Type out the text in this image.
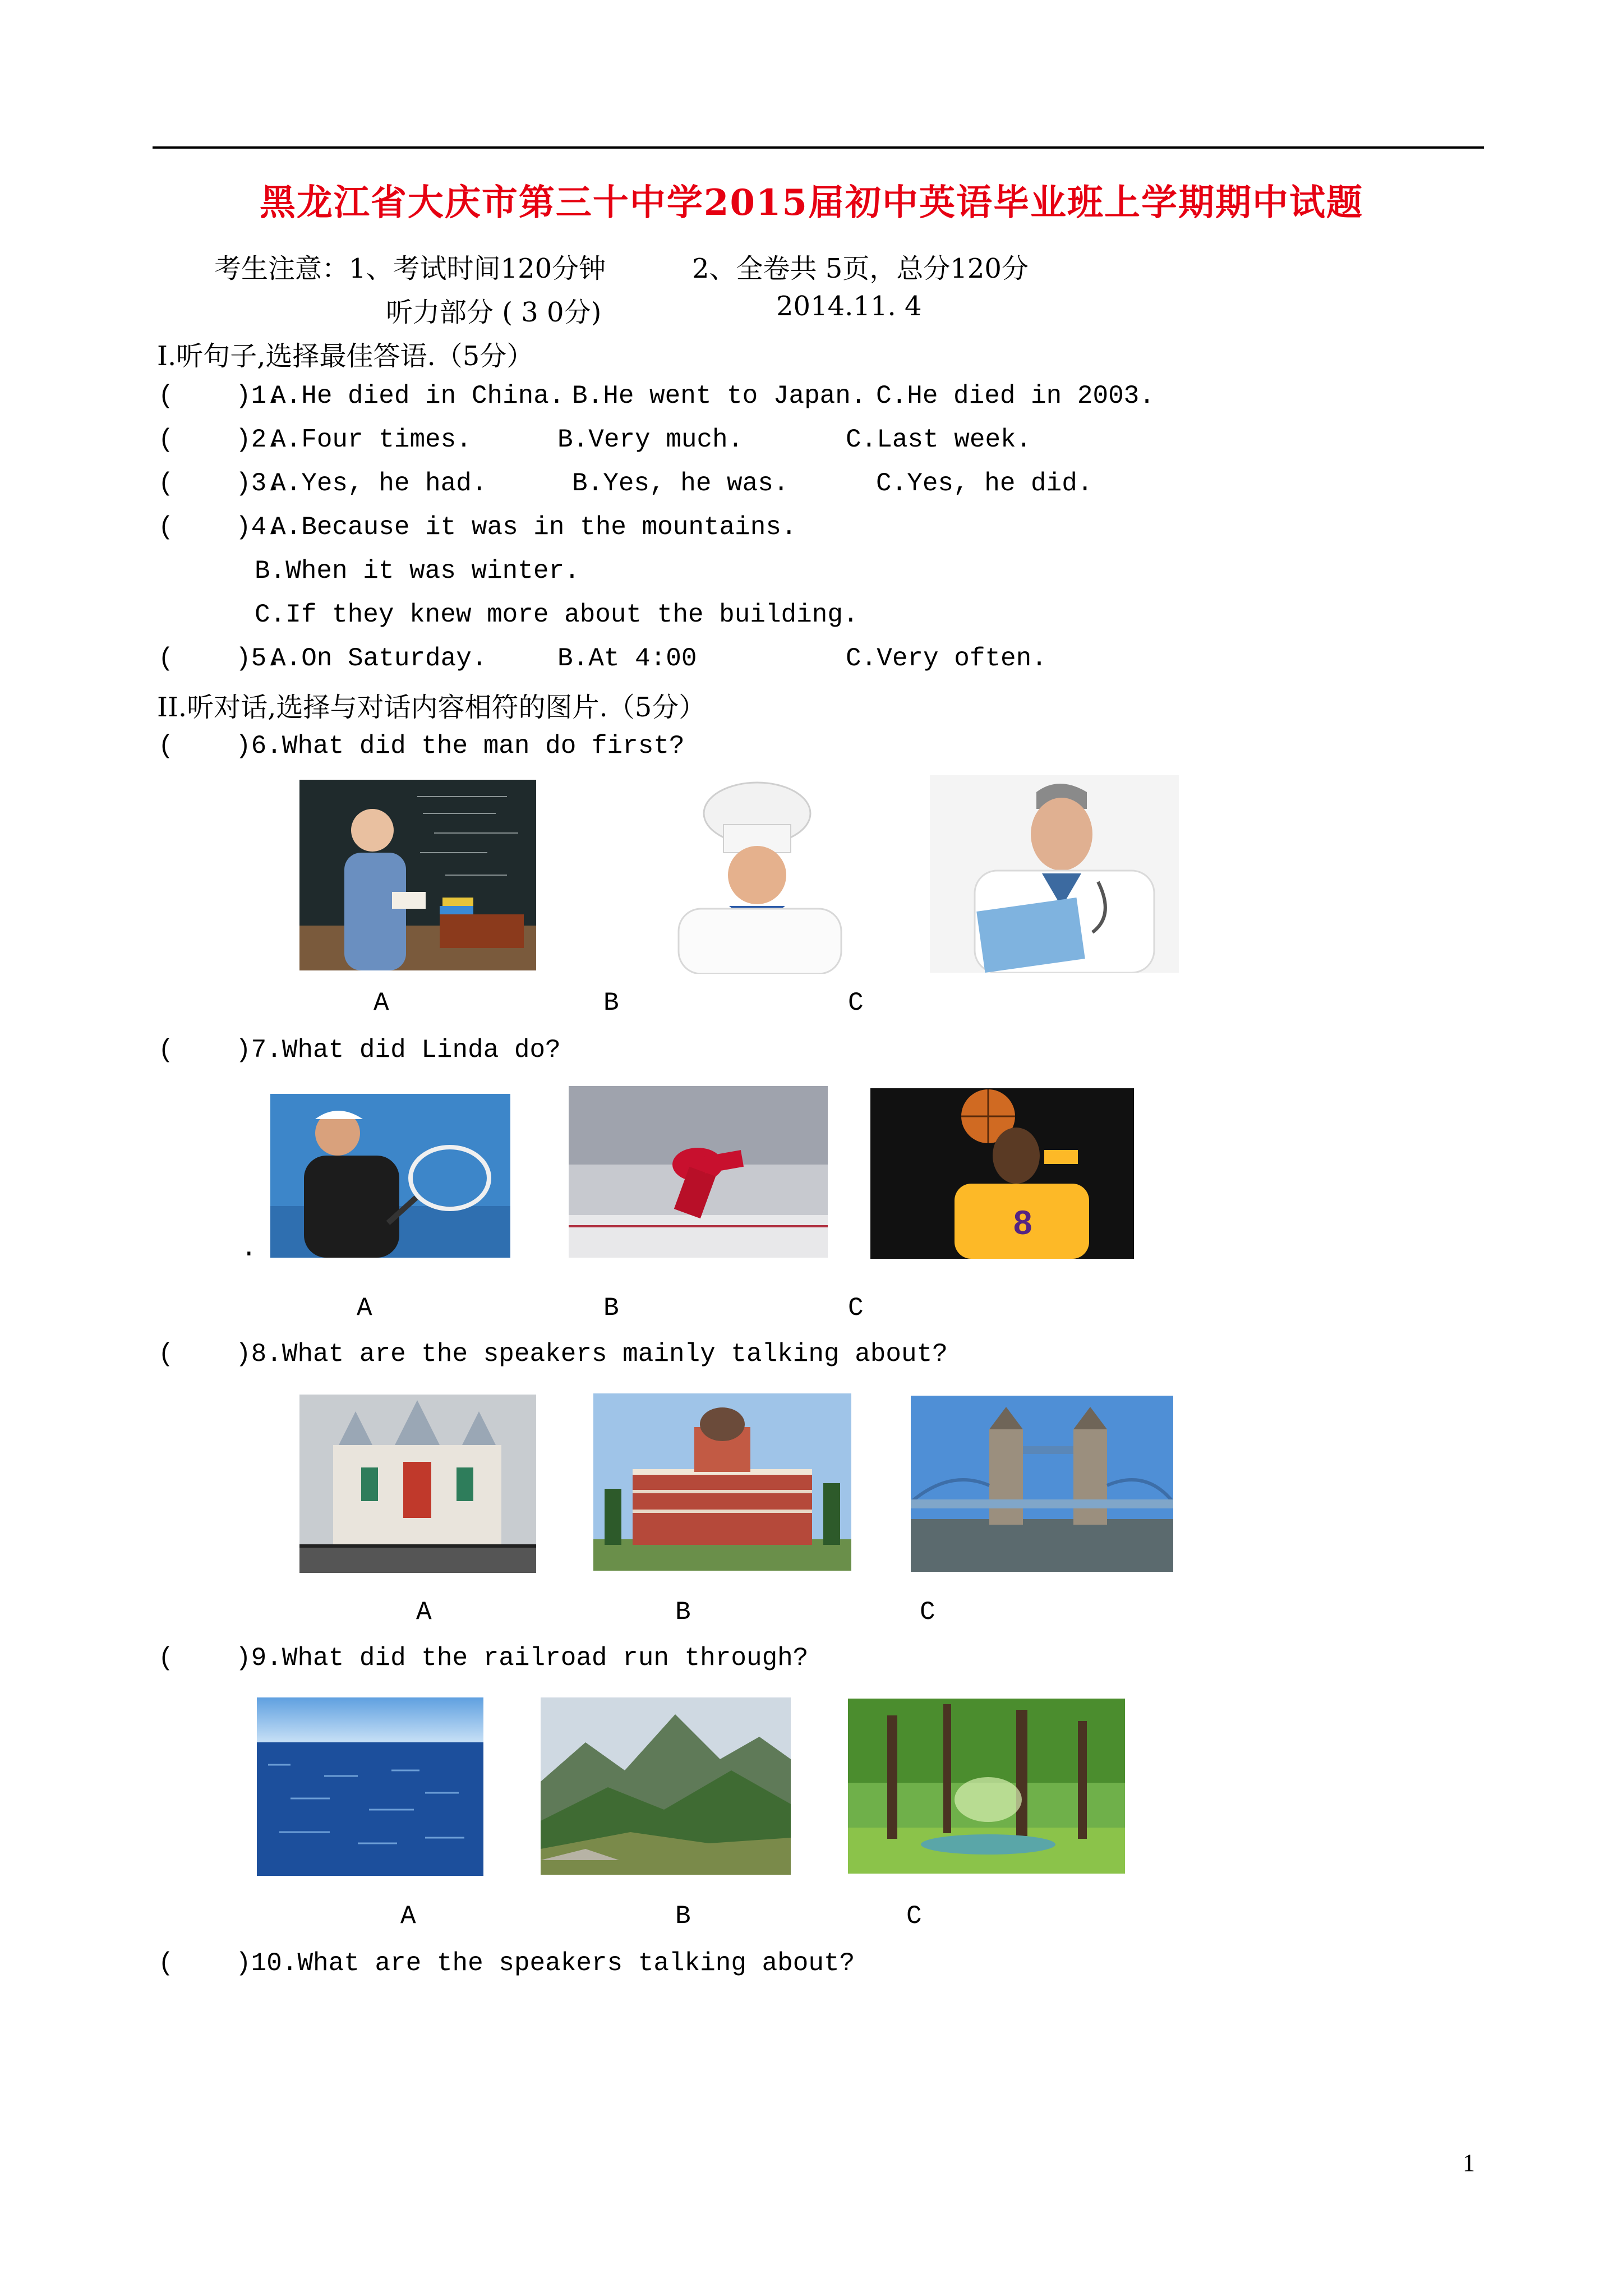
黑龙江省大庆市第三十中学2015届初中英语毕业班上学期期中试题
考生注意：1、考试时间120分钟	2、全卷共 5页，总分120分
听力部分 ( 3 0分)	2014.11. 4
I.听句子,选择最佳答语.（5分）
(    )1.
A.He died in China. B.He went to Japan. C.He died in 2003.
(    )2.
A.Four times.	B.Very much.	C.Last week.
(    )3.
A.Yes, he had.	B.Yes, he was.	C.Yes, he did.
(    )4.
A.Because it was in the mountains.
B.When it was winter.
C.If they knew more about the building.
(    )5.
A.On Saturday.	B.At 4:00	C.Very often.
II.听对话,选择与对话内容相符的图片.（5分）
(    )6.What did the man do first?
A	B	C
(    )7.What did Linda do?
8
.
A	B	C
(    )8.What are the speakers mainly talking about?
A	B	C
(    )9.What did the railroad run through?
A	B	C
(    )10.What are the speakers talking about?
1
